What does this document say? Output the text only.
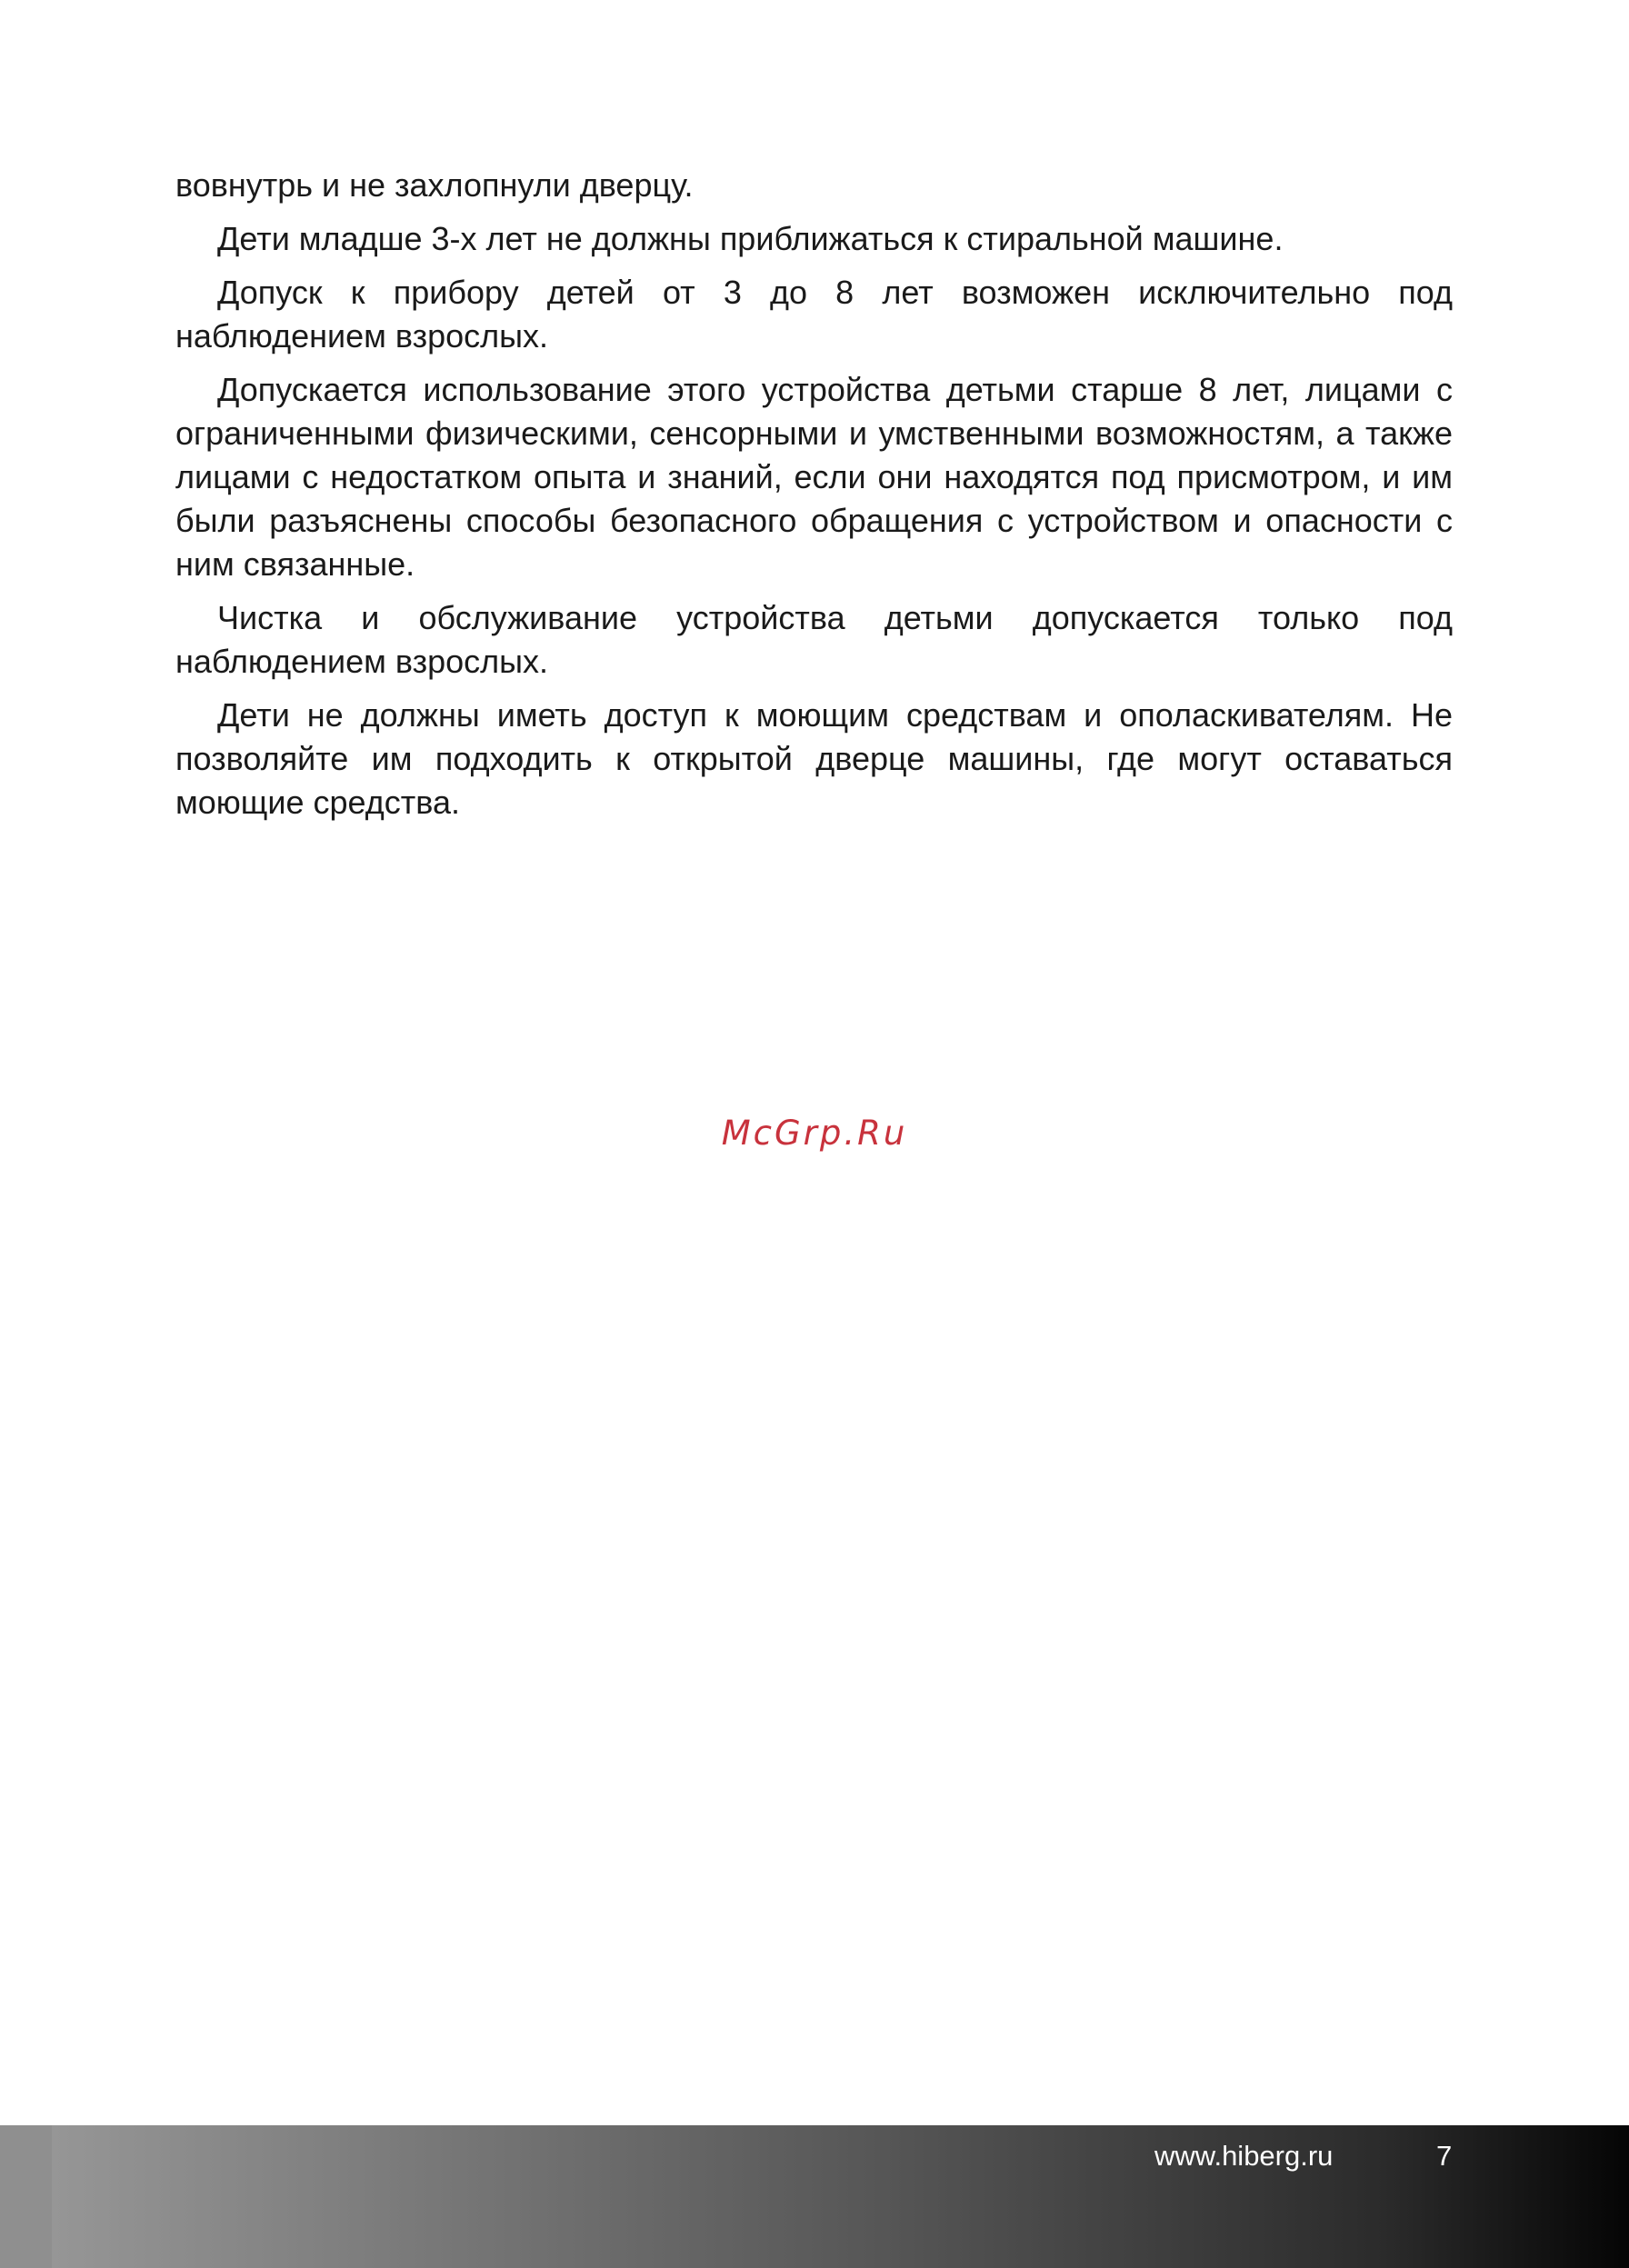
вовнутрь и не захлопнули дверцу.

Дети младше 3-х лет не должны приближаться к стиральной машине.

Допуск к прибору детей от 3 до 8 лет возможен исключительно под наблюдением взрослых.

Допускается использование этого устройства детьми старше 8 лет, лицами с ограниченными физическими, сенсорными и умственными возможностям, а также лицами с недостатком опыта и знаний, если они находятся под присмотром, и им были разъяснены способы безопасного обращения с устройством и опасности с ним связанные.

Чистка и обслуживание устройства детьми допускается только под наблюдением взрослых.

Дети не должны иметь доступ к моющим средствам и ополаскивателям. Не позволяйте им подходить к открытой дверце машины, где могут оставаться моющие средства.

McGrp.Ru
www.hiberg.ru	7
